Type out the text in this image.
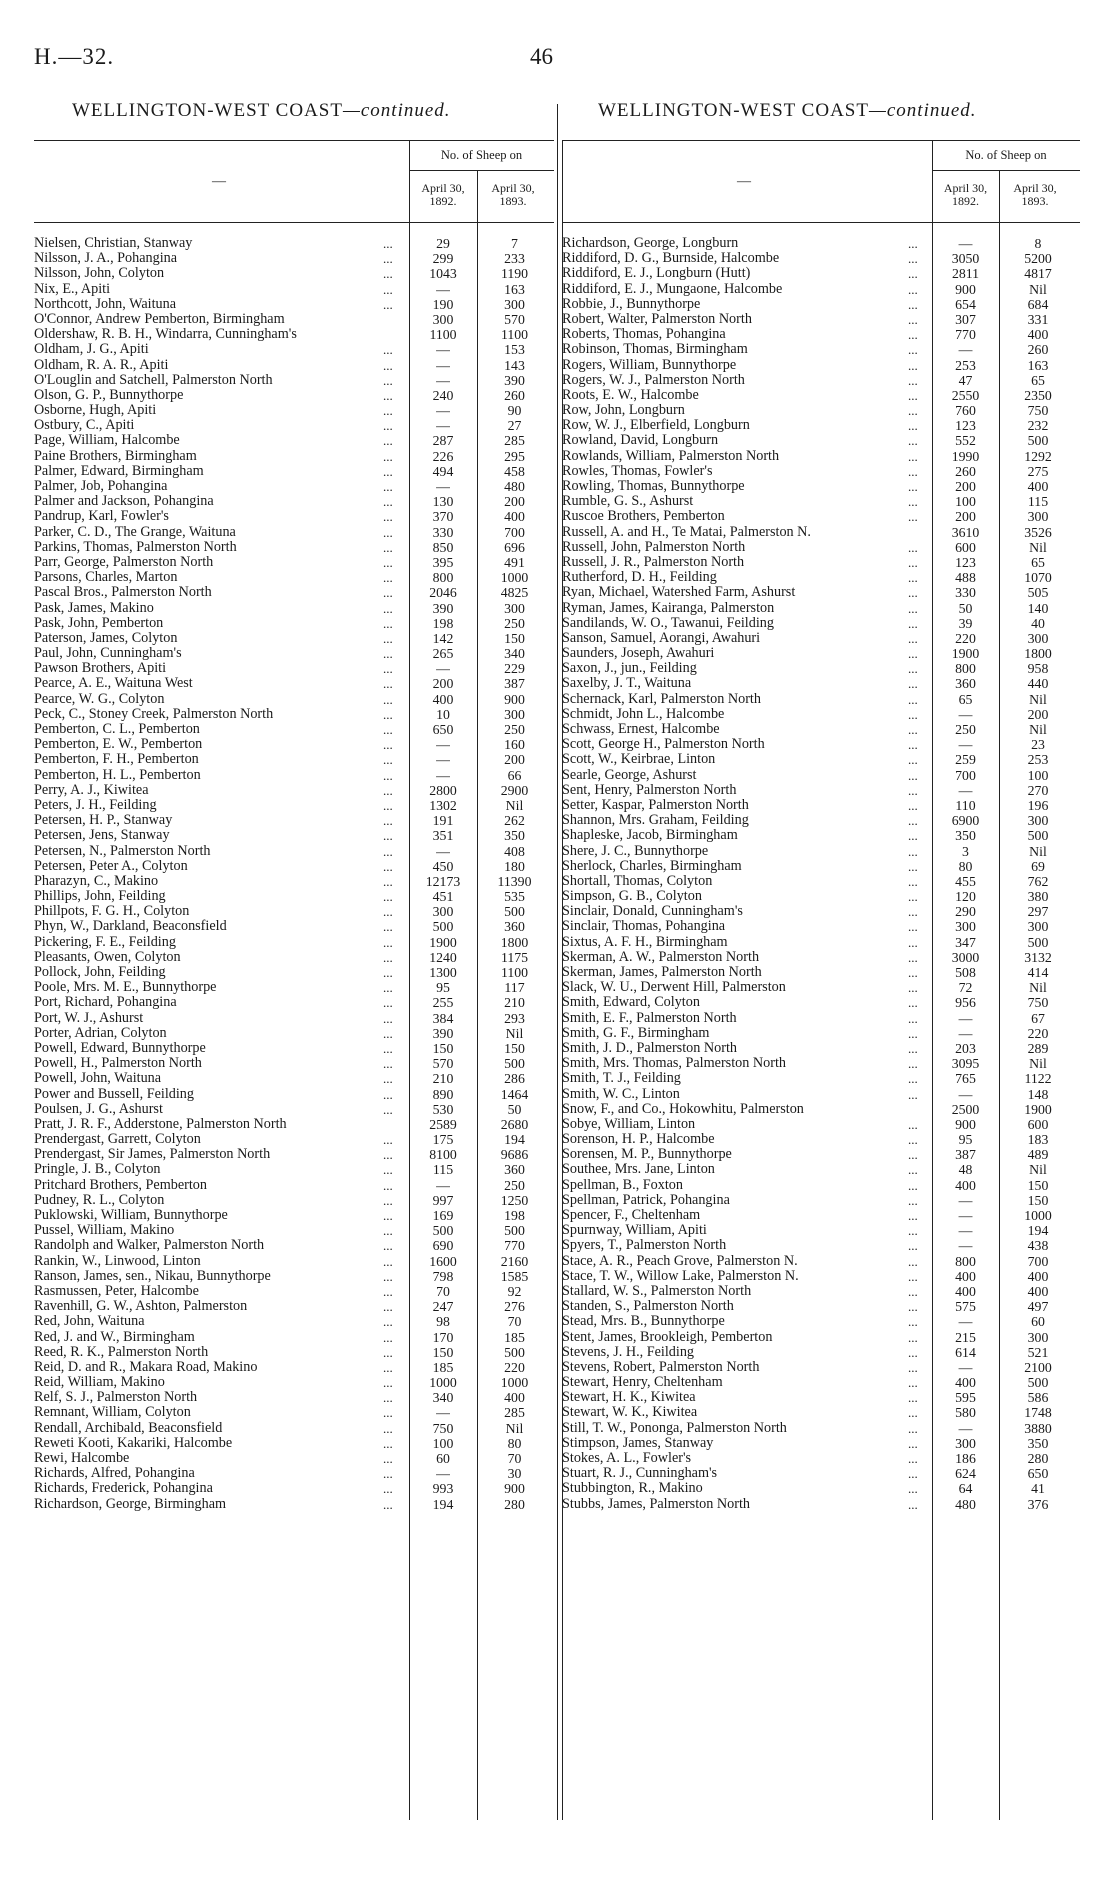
H.—32.	46
WELLINGTON-WEST COAST—continued.	WELLINGTON-WEST COAST—continued.
No. of Sheep on
—	April 30,
1892.
April 30,
1893.
Nielsen, Christian, Stanway	...	29	7
Nilsson, J. A., Pohangina	...	299	233
Nilsson, John, Colyton	...	1043	1190
Nix, E., Apiti	...	—	163
Northcott, John, Waituna	...	190	300
O'Connor, Andrew Pemberton, Birmingham	300	570
Oldershaw, R. B. H., Windarra, Cunningham's	1100	1100
Oldham, J. G., Apiti	...	—	153
Oldham, R. A. R., Apiti	...	—	143
O'Louglin and Satchell, Palmerston North	...	—	390
Olson, G. P., Bunnythorpe	...	240	260
Osborne, Hugh, Apiti	...	—	90
Ostbury, C., Apiti	...	—	27
Page, William, Halcombe	...	287	285
Paine Brothers, Birmingham	...	226	295
Palmer, Edward, Birmingham	...	494	458
Palmer, Job, Pohangina	...	—	480
Palmer and Jackson, Pohangina	...	130	200
Pandrup, Karl, Fowler's	...	370	400
Parker, C. D., The Grange, Waituna	...	330	700
Parkins, Thomas, Palmerston North	...	850	696
Parr, George, Palmerston North	...	395	491
Parsons, Charles, Marton	...	800	1000
Pascal Bros., Palmerston North	...	2046	4825
Pask, James, Makino	...	390	300
Pask, John, Pemberton	...	198	250
Paterson, James, Colyton	...	142	150
Paul, John, Cunningham's	...	265	340
Pawson Brothers, Apiti	...	—	229
Pearce, A. E., Waituna West	...	200	387
Pearce, W. G., Colyton	...	400	900
Peck, C., Stoney Creek, Palmerston North	...	10	300
Pemberton, C. L., Pemberton	...	650	250
Pemberton, E. W., Pemberton	...	—	160
Pemberton, F. H., Pemberton	...	—	200
Pemberton, H. L., Pemberton	...	—	66
Perry, A. J., Kiwitea	...	2800	2900
Peters, J. H., Feilding	...	1302	Nil
Petersen, H. P., Stanway	...	191	262
Petersen, Jens, Stanway	...	351	350
Petersen, N., Palmerston North	...	—	408
Petersen, Peter A., Colyton	...	450	180
Pharazyn, C., Makino	...	12173	11390
Phillips, John, Feilding	...	451	535
Phillpots, F. G. H., Colyton	...	300	500
Phyn, W., Darkland, Beaconsfield	...	500	360
Pickering, F. E., Feilding	...	1900	1800
Pleasants, Owen, Colyton	...	1240	1175
Pollock, John, Feilding	...	1300	1100
Poole, Mrs. M. E., Bunnythorpe	...	95	117
Port, Richard, Pohangina	...	255	210
Port, W. J., Ashurst	...	384	293
Porter, Adrian, Colyton	...	390	Nil
Powell, Edward, Bunnythorpe	...	150	150
Powell, H., Palmerston North	...	570	500
Powell, John, Waituna	...	210	286
Power and Bussell, Feilding	...	890	1464
Poulsen, J. G., Ashurst	...	530	50
Pratt, J. R. F., Adderstone, Palmerston North	2589	2680
Prendergast, Garrett, Colyton	...	175	194
Prendergast, Sir James, Palmerston North	...	8100	9686
Pringle, J. B., Colyton	...	115	360
Pritchard Brothers, Pemberton	...	—	250
Pudney, R. L., Colyton	...	997	1250
Puklowski, William, Bunnythorpe	...	169	198
Pussel, William, Makino	...	500	500
Randolph and Walker, Palmerston North	...	690	770
Rankin, W., Linwood, Linton	...	1600	2160
Ranson, James, sen., Nikau, Bunnythorpe	...	798	1585
Rasmussen, Peter, Halcombe	...	70	92
Ravenhill, G. W., Ashton, Palmerston	...	247	276
Red, John, Waituna	...	98	70
Red, J. and W., Birmingham	...	170	185
Reed, R. K., Palmerston North	...	150	500
Reid, D. and R., Makara Road, Makino	...	185	220
Reid, William, Makino	...	1000	1000
Relf, S. J., Palmerston North	...	340	400
Remnant, William, Colyton	...	—	285
Rendall, Archibald, Beaconsfield	...	750	Nil
Reweti Kooti, Kakariki, Halcombe	...	100	80
Rewi, Halcombe	...	60	70
Richards, Alfred, Pohangina	...	—	30
Richards, Frederick, Pohangina	...	993	900
Richardson, George, Birmingham	...	194	280
No. of Sheep on
—	April 30,
1892.
April 30,
1893.
Richardson, George, Longburn	...	—	8
Riddiford, D. G., Burnside, Halcombe	...	3050	5200
Riddiford, E. J., Longburn (Hutt)	...	2811	4817
Riddiford, E. J., Mungaone, Halcombe	...	900	Nil
Robbie, J., Bunnythorpe	...	654	684
Robert, Walter, Palmerston North	...	307	331
Roberts, Thomas, Pohangina	...	770	400
Robinson, Thomas, Birmingham	...	—	260
Rogers, William, Bunnythorpe	...	253	163
Rogers, W. J., Palmerston North	...	47	65
Roots, E. W., Halcombe	...	2550	2350
Row, John, Longburn	...	760	750
Row, W. J., Elberfield, Longburn	...	123	232
Rowland, David, Longburn	...	552	500
Rowlands, William, Palmerston North	...	1990	1292
Rowles, Thomas, Fowler's	...	260	275
Rowling, Thomas, Bunnythorpe	...	200	400
Rumble, G. S., Ashurst	...	100	115
Ruscoe Brothers, Pemberton	...	200	300
Russell, A. and H., Te Matai, Palmerston N.	3610	3526
Russell, John, Palmerston North	...	600	Nil
Russell, J. R., Palmerston North	...	123	65
Rutherford, D. H., Feilding	...	488	1070
Ryan, Michael, Watershed Farm, Ashurst	...	330	505
Ryman, James, Kairanga, Palmerston	...	50	140
Sandilands, W. O., Tawanui, Feilding	...	39	40
Sanson, Samuel, Aorangi, Awahuri	...	220	300
Saunders, Joseph, Awahuri	...	1900	1800
Saxon, J., jun., Feilding	...	800	958
Saxelby, J. T., Waituna	...	360	440
Schernack, Karl, Palmerston North	...	65	Nil
Schmidt, John L., Halcombe	...	—	200
Schwass, Ernest, Halcombe	...	250	Nil
Scott, George H., Palmerston North	...	—	23
Scott, W., Keirbrae, Linton	...	259	253
Searle, George, Ashurst	...	700	100
Sent, Henry, Palmerston North	...	—	270
Setter, Kaspar, Palmerston North	...	110	196
Shannon, Mrs. Graham, Feilding	...	6900	300
Shapleske, Jacob, Birmingham	...	350	500
Shere, J. C., Bunnythorpe	...	3	Nil
Sherlock, Charles, Birmingham	...	80	69
Shortall, Thomas, Colyton	...	455	762
Simpson, G. B., Colyton	...	120	380
Sinclair, Donald, Cunningham's	...	290	297
Sinclair, Thomas, Pohangina	...	300	300
Sixtus, A. F. H., Birmingham	...	347	500
Skerman, A. W., Palmerston North	...	3000	3132
Skerman, James, Palmerston North	...	508	414
Slack, W. U., Derwent Hill, Palmerston	...	72	Nil
Smith, Edward, Colyton	...	956	750
Smith, E. F., Palmerston North	...	—	67
Smith, G. F., Birmingham	...	—	220
Smith, J. D., Palmerston North	...	203	289
Smith, Mrs. Thomas, Palmerston North	...	3095	Nil
Smith, T. J., Feilding	...	765	1122
Smith, W. C., Linton	...	—	148
Snow, F., and Co., Hokowhitu, Palmerston	2500	1900
Sobye, William, Linton	...	900	600
Sorenson, H. P., Halcombe	...	95	183
Sorensen, M. P., Bunnythorpe	...	387	489
Southee, Mrs. Jane, Linton	...	48	Nil
Spellman, B., Foxton	...	400	150
Spellman, Patrick, Pohangina	...	—	150
Spencer, F., Cheltenham	...	—	1000
Spurnway, William, Apiti	...	—	194
Spyers, T., Palmerston North	...	—	438
Stace, A. R., Peach Grove, Palmerston N.	...	800	700
Stace, T. W., Willow Lake, Palmerston N.	...	400	400
Stallard, W. S., Palmerston North	...	400	400
Standen, S., Palmerston North	...	575	497
Stead, Mrs. B., Bunnythorpe	...	—	60
Stent, James, Brookleigh, Pemberton	...	215	300
Stevens, J. H., Feilding	...	614	521
Stevens, Robert, Palmerston North	...	—	2100
Stewart, Henry, Cheltenham	...	400	500
Stewart, H. K., Kiwitea	...	595	586
Stewart, W. K., Kiwitea	...	580	1748
Still, T. W., Pononga, Palmerston North	...	—	3880
Stimpson, James, Stanway	...	300	350
Stokes, A. L., Fowler's	...	186	280
Stuart, R. J., Cunningham's	...	624	650
Stubbington, R., Makino	...	64	41
Stubbs, James, Palmerston North	...	480	376
